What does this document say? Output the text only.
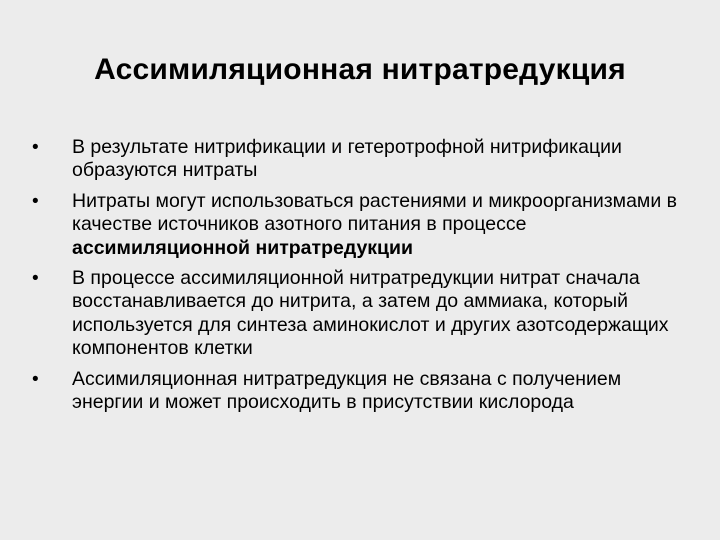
Ассимиляционная нитратредукция
•	В результате нитрификации и гетеротрофной нитрификации образуются нитраты
•	Нитраты могут использоваться растениями и микроорганизмами в качестве источников азотного питания в процессе ассимиляционной нитратредукции
•	В процессе ассимиляционной нитратредукции нитрат сначала восстанавливается до нитрита, а затем до аммиака, который используется для синтеза аминокислот и других азотсодержащих компонентов клетки
•	Ассимиляционная нитратредукция не связана с получением энергии и может происходить в присутствии кислорода
